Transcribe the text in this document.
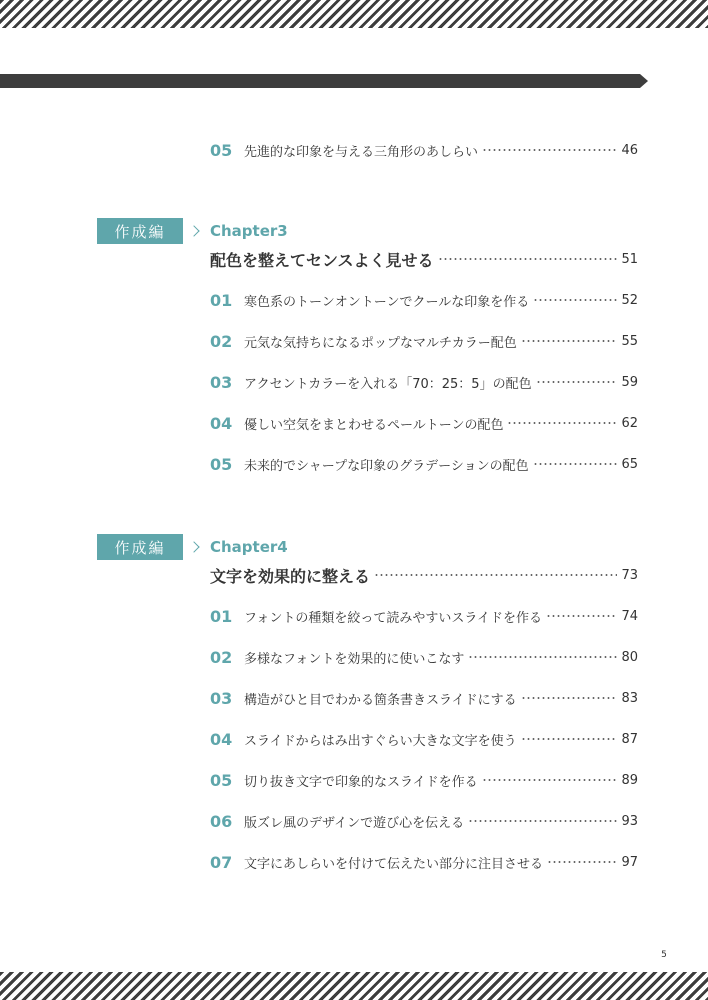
05 先進的な印象を与える三角形のあしらい	46
作成編	Chapter3
配色を整えてセンスよく見せる	51
01 寒色系のトーンオントーンでクールな印象を作る	52
02 元気な気持ちになるポップなマルチカラー配色	55
03 アクセントカラーを入れる「70：25：5」の配色	59
04 優しい空気をまとわせるペールトーンの配色	62
05 未来的でシャープな印象のグラデーションの配色	65
作成編	Chapter4
文字を効果的に整える	73
01 フォントの種類を絞って読みやすいスライドを作る	74
02 多様なフォントを効果的に使いこなす	80
03 構造がひと目でわかる箇条書きスライドにする	83
04 スライドからはみ出すぐらい大きな文字を使う	87
05 切り抜き文字で印象的なスライドを作る	89
06 版ズレ風のデザインで遊び心を伝える	93
07 文字にあしらいを付けて伝えたい部分に注目させる	97
5
